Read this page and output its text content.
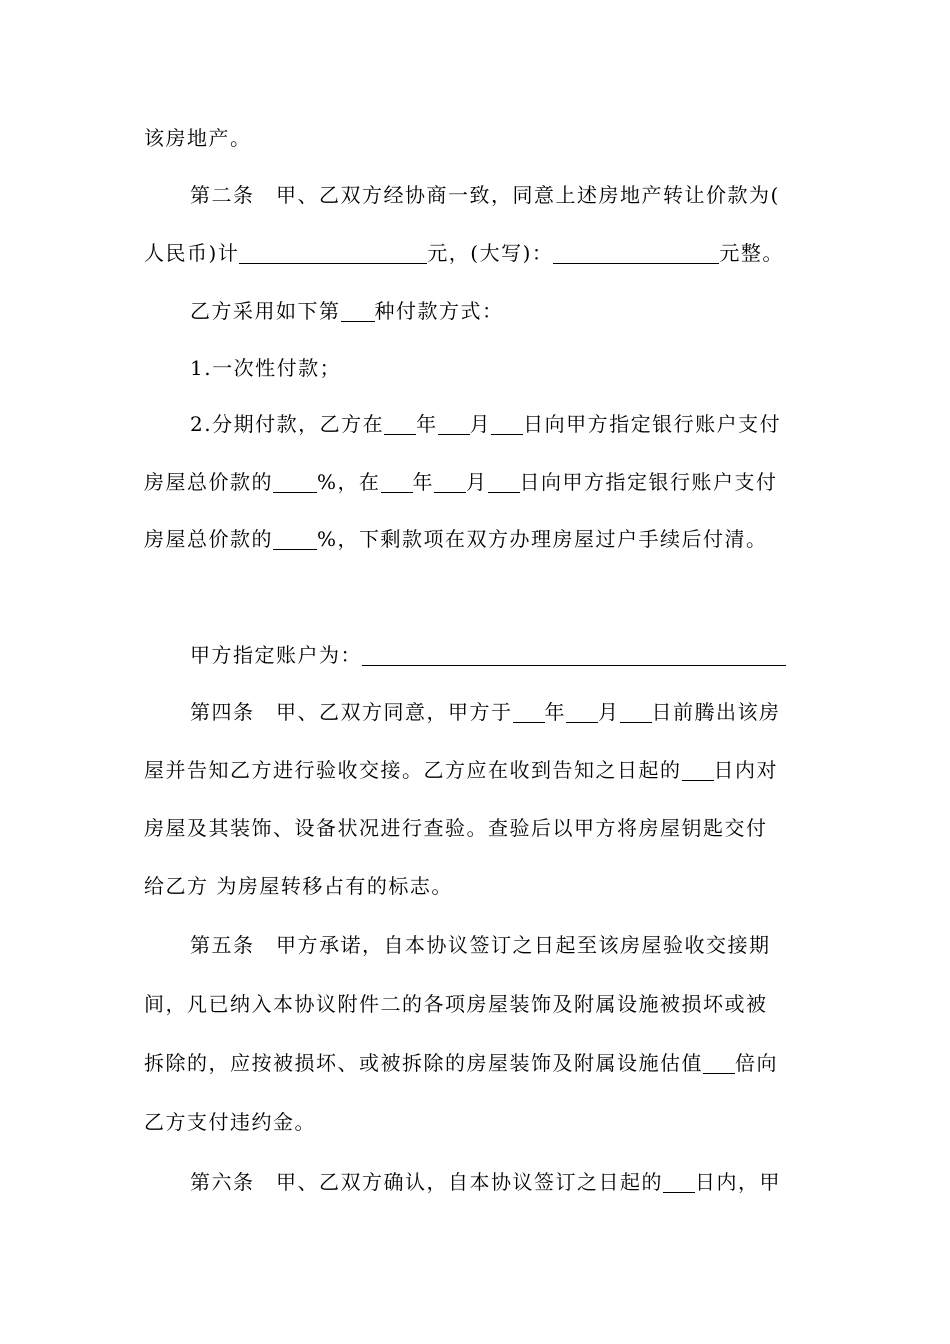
该房地产。
第二条　甲、乙双方经协商一致，同意上述房地产转让价款为(
人民币)计	元，(大写)：	元整。
乙方采用如下第 种付款方式：
1.一次性付款；
2.分期付款，乙方在 年 月 日向甲方指定银行账户支付
房屋总价款的 %，在 年 月 日向甲方指定银行账户支付
房屋总价款的 %，下剩款项在双方办理房屋过户手续后付清。
甲方指定账户为：
第四条　甲、乙双方同意，甲方于 年 月 日前腾出该房
屋并告知乙方进行验收交接。乙方应在收到告知之日起的 日内对
房屋及其装饰、设备状况进行查验。查验后以甲方将房屋钥匙交付
给乙方 为房屋转移占有的标志。
第五条　甲方承诺，自本协议签订之日起至该房屋验收交接期
间，凡已纳入本协议附件二的各项房屋装饰及附属设施被损坏或被
拆除的，应按被损坏、或被拆除的房屋装饰及附属设施估值 倍向
乙方支付违约金。
第六条　甲、乙双方确认，自本协议签订之日起的 日内，甲
